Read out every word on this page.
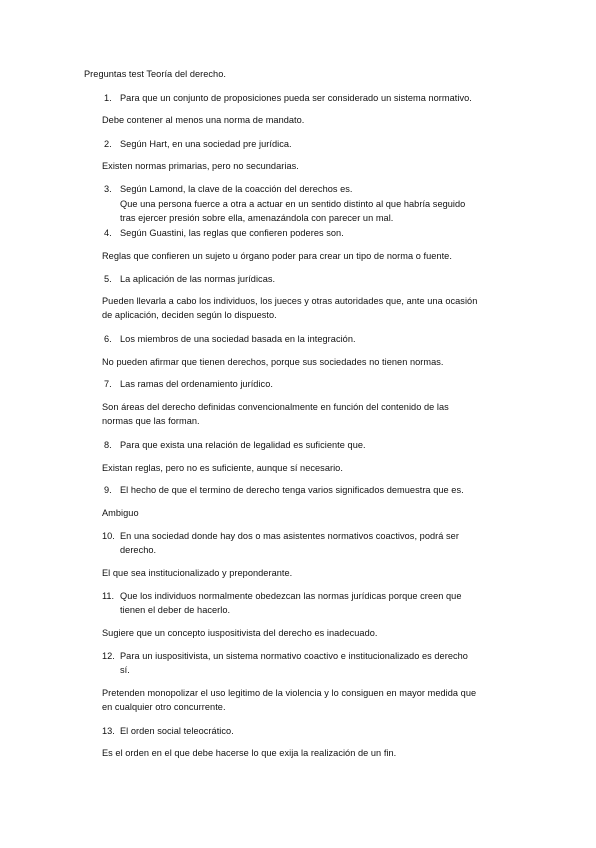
Preguntas test Teoría del derecho.
1. Para que un conjunto de proposiciones pueda ser considerado un sistema normativo.
Debe contener al menos una norma de mandato.
2. Según Hart, en una sociedad pre jurídica.
Existen normas primarias, pero no secundarias.
3. Según Lamond, la clave de la coacción del derechos es.
Que una persona fuerce a otra a actuar en un sentido distinto al que habría seguido
tras ejercer presión sobre ella, amenazándola con parecer un mal.
4. Según Guastini, las reglas que confieren poderes son.
Reglas que confieren un sujeto u órgano poder para crear un tipo de norma o fuente.
5. La aplicación de las normas jurídicas.
Pueden llevarla a cabo los individuos, los jueces y otras autoridades que, ante una ocasión
de aplicación, deciden según lo dispuesto.
6. Los miembros de una sociedad basada en la integración.
No pueden afirmar que tienen derechos, porque sus sociedades no tienen normas.
7. Las ramas del ordenamiento jurídico.
Son áreas del derecho definidas convencionalmente en función del contenido de las
normas que las forman.
8. Para que exista una relación de legalidad es suficiente que.
Existan reglas, pero no es suficiente, aunque sí necesario.
9. El hecho de que el termino de derecho tenga varios significados demuestra que es.
Ambiguo
10. En una sociedad donde hay dos o mas asistentes normativos coactivos, podrá ser
derecho.
El que sea institucionalizado y preponderante.
11. Que los individuos normalmente obedezcan las normas jurídicas porque creen que
tienen el deber de hacerlo.
Sugiere que un concepto iuspositivista del derecho es inadecuado.
12. Para un iuspositivista, un sistema normativo coactivo e institucionalizado es derecho
sí.
Pretenden monopolizar el uso legitimo de la violencia y lo consiguen en mayor medida que
en cualquier otro concurrente.
13. El orden social teleocrático.
Es el orden en el que debe hacerse lo que exija la realización de un fin.
